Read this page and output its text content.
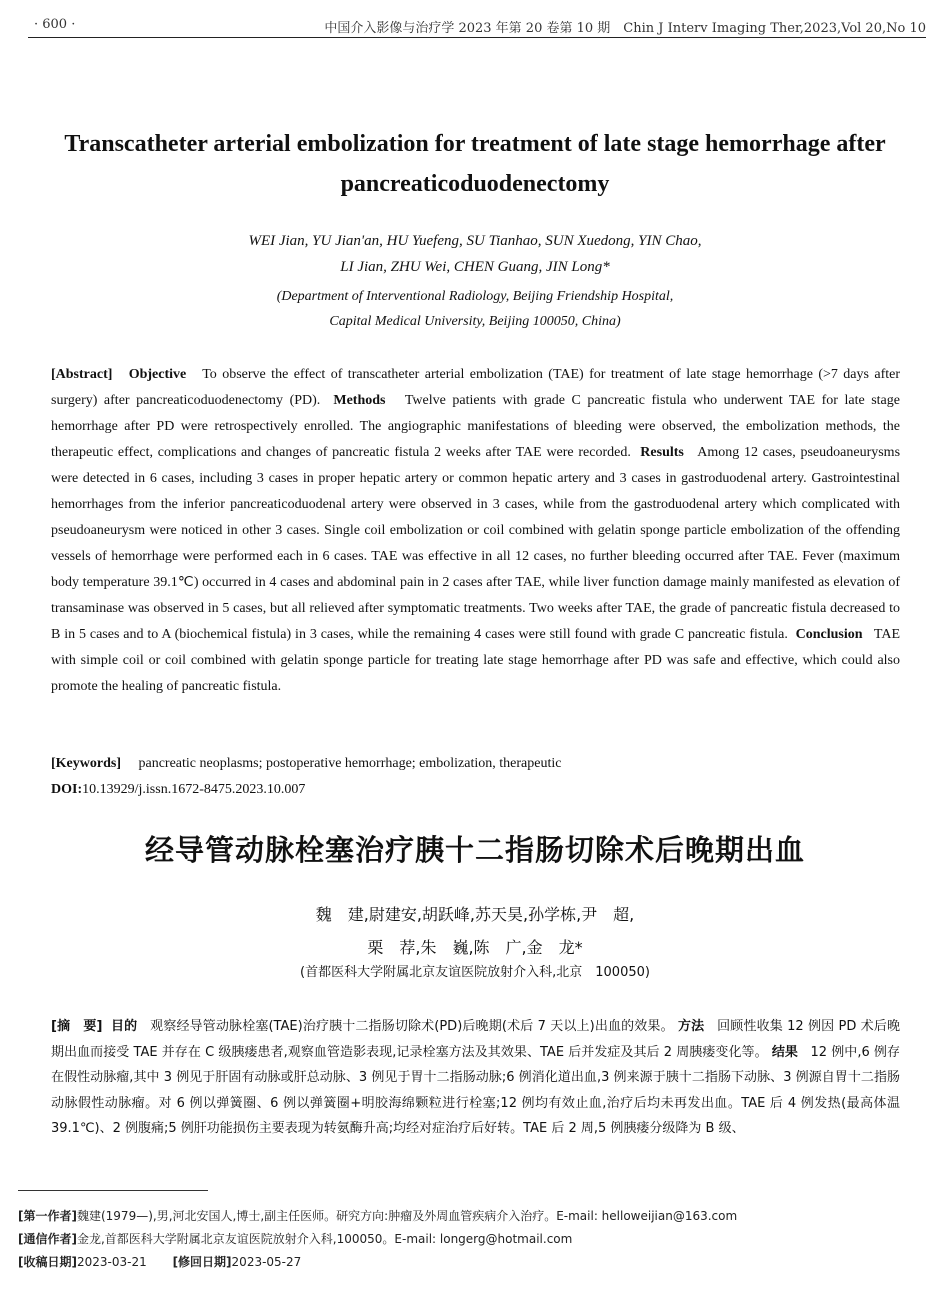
· 600 ·	中国介入影像与治疗学 2023 年第 20 卷第 10 期　Chin J Interv Imaging Ther,2023,Vol 20,No 10
Transcatheter arterial embolization for treatment of late stage hemorrhage after pancreaticoduodenectomy
WEI Jian, YU Jian'an, HU Yuefeng, SU Tianhao, SUN Xuedong, YIN Chao,
LI Jian, ZHU Wei, CHEN Guang, JIN Long*
(Department of Interventional Radiology, Beijing Friendship Hospital,
Capital Medical University, Beijing 100050, China)

[Abstract] Objective To observe the effect of transcatheter arterial embolization (TAE) for treatment of late stage hemorrhage (>7 days after surgery) after pancreaticoduodenectomy (PD). Methods Twelve patients with grade C pancreatic fistula who underwent TAE for late stage hemorrhage after PD were retrospectively enrolled. The angiographic manifestations of bleeding were observed, the embolization methods, the therapeutic effect, complications and changes of pancreatic fistula 2 weeks after TAE were recorded. Results Among 12 cases, pseudoaneurysms were detected in 6 cases, including 3 cases in proper hepatic artery or common hepatic artery and 3 cases in gastroduodenal artery. Gastrointestinal hemorrhages from the inferior pancreaticoduodenal artery were observed in 3 cases, while from the gastroduodenal artery which complicated with pseudoaneurysm were noticed in other 3 cases. Single coil embolization or coil combined with gelatin sponge particle embolization of the offending vessels of hemorrhage were performed each in 6 cases. TAE was effective in all 12 cases, no further bleeding occurred after TAE. Fever (maximum body temperature 39.1℃) occurred in 4 cases and abdominal pain in 2 cases after TAE, while liver function damage mainly manifested as elevation of transaminase was observed in 5 cases, but all relieved after symptomatic treatments. Two weeks after TAE, the grade of pancreatic fistula decreased to B in 5 cases and to A (biochemical fistula) in 3 cases, while the remaining 4 cases were still found with grade C pancreatic fistula. Conclusion TAE with simple coil or coil combined with gelatin sponge particle for treating late stage hemorrhage after PD was safe and effective, which could also promote the healing of pancreatic fistula.

[Keywords] pancreatic neoplasms; postoperative hemorrhage; embolization, therapeutic

DOI:10.13929/j.issn.1672-8475.2023.10.007

经导管动脉栓塞治疗胰十二指肠切除术后晚期出血
魏　建,尉建安,胡跃峰,苏天昊,孙学栋,尹　超,
栗　荐,朱　巍,陈　广,金　龙*
(首都医科大学附属北京友谊医院放射介入科,北京　100050)

[摘　要] 目的 观察经导管动脉栓塞(TAE)治疗胰十二指肠切除术(PD)后晚期(术后 7 天以上)出血的效果。 方法 回顾性收集 12 例因 PD 术后晚期出血而接受 TAE 并存在 C 级胰瘘患者,观察血管造影表现,记录栓塞方法及其效果、TAE 后并发症及其后 2 周胰瘘变化等。 结果 12 例中,6 例存在假性动脉瘤,其中 3 例见于肝固有动脉或肝总动脉、3 例见于胃十二指肠动脉;6 例消化道出血,3 例来源于胰十二指肠下动脉、3 例源自胃十二指肠动脉假性动脉瘤。对 6 例以弹簧圈、6 例以弹簧圈+明胶海绵颗粒进行栓塞;12 例均有效止血,治疗后均未再发出血。TAE 后 4 例发热(最高体温 39.1℃)、2 例腹痛;5 例肝功能损伤主要表现为转氨酶升高;均经对症治疗后好转。TAE 后 2 周,5 例胰瘘分级降为 B 级、

[第一作者]魏建(1979—),男,河北安国人,博士,副主任医师。研究方向:肿瘤及外周血管疾病介入治疗。E-mail: helloweijian@163.com
[通信作者]金龙,首都医科大学附属北京友谊医院放射介入科,100050。E-mail: longerg@hotmail.com
[收稿日期]2023-03-21 [修回日期]2023-05-27
